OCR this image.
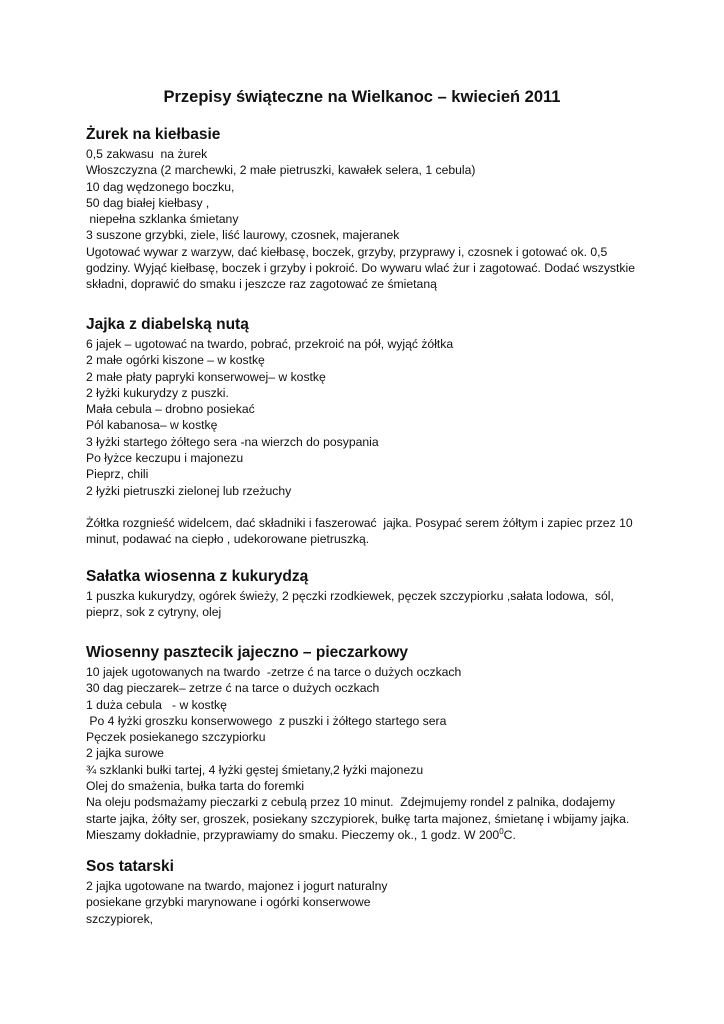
Przepisy świąteczne na Wielkanoc – kwiecień 2011
Żurek na kiełbasie

0,5 zakwasu  na żurek

Włoszczyzna (2 marchewki, 2 małe pietruszki, kawałek selera, 1 cebula)

10 dag wędzonego boczku,

50 dag białej kiełbasy ,

niepełna szklanka śmietany

3 suszone grzybki, ziele, liść laurowy, czosnek, majeranek

Ugotować wywar z warzyw, dać kiełbasę, boczek, grzyby, przyprawy i, czosnek i gotować ok. 0,5

godziny. Wyjąć kiełbasę, boczek i grzyby i pokroić. Do wywaru wlać żur i zagotować. Dodać wszystkie

składni, doprawić do smaku i jeszcze raz zagotować ze śmietaną

Jajka z diabelską nutą

6 jajek – ugotować na twardo, pobrać, przekroić na pół, wyjąć żółtka

2 małe ogórki kiszone – w kostkę

2 małe płaty papryki konserwowej– w kostkę

2 łyżki kukurydzy z puszki.

Mała cebula – drobno posiekać

Pól kabanosa– w kostkę

3 łyżki startego żółtego sera -na wierzch do posypania

Po łyżce keczupu i majonezu

Pieprz, chili

2 łyżki pietruszki zielonej lub rzeżuchy

Żółtka rozgnieść widelcem, dać składniki i faszerować  jajka. Posypać serem żółtym i zapiec przez 10

minut, podawać na ciepło , udekorowane pietruszką.

Sałatka wiosenna z kukurydzą

1 puszka kukurydzy, ogórek świeży, 2 pęczki rzodkiewek, pęczek szczypiorku ,sałata lodowa,  sól,

pieprz, sok z cytryny, olej

Wiosenny pasztecik jajeczno – pieczarkowy

10 jajek ugotowanych na twardo  -zetrze ć na tarce o dużych oczkach

30 dag pieczarek– zetrze ć na tarce o dużych oczkach

1 duża cebula   - w kostkę

Po 4 łyżki groszku konserwowego  z puszki i żółtego startego sera

Pęczek posiekanego szczypiorku

2 jajka surowe

¾ szklanki bułki tartej, 4 łyżki gęstej śmietany,2 łyżki majonezu

Olej do smażenia, bułka tarta do foremki

Na oleju podsmażamy pieczarki z cebulą przez 10 minut.  Zdejmujemy rondel z palnika, dodajemy

starte jajka, żółty ser, groszek, posiekany szczypiorek, bułkę tarta majonez, śmietanę i wbijamy jajka.

Mieszamy dokładnie, przyprawiamy do smaku. Pieczemy ok., 1 godz. W $200^0C$.

Sos tatarski

2 jajka ugotowane na twardo, majonez i jogurt naturalny

posiekane grzybki marynowane i ogórki konserwowe

szczypiorek,
